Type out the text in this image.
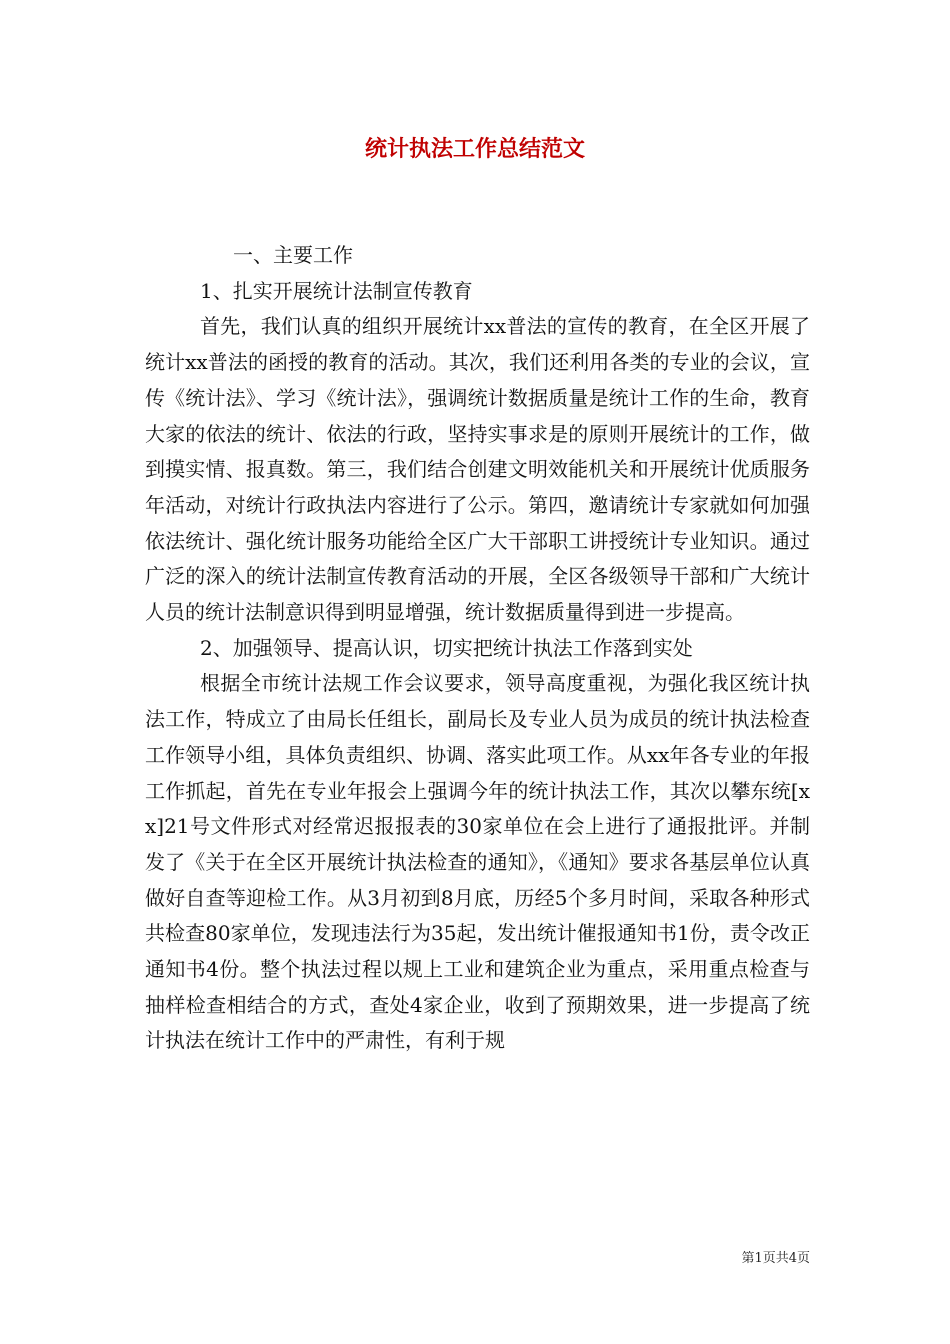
统计执法工作总结范文

一、主要工作

1、扎实开展统计法制宣传教育

首先，我们认真的组织开展统计xx普法的宣传的教育，在全区开展了统计xx普法的函授的教育的活动。其次，我们还利用各类的专业的会议，宣传《统计法》、学习《统计法》，强调统计数据质量是统计工作的生命，教育大家的依法的统计、依法的行政，坚持实事求是的原则开展统计的工作，做到摸实情、报真数。第三，我们结合创建文明效能机关和开展统计优质服务年活动，对统计行政执法内容进行了公示。第四，邀请统计专家就如何加强依法统计、强化统计服务功能给全区广大干部职工讲授统计专业知识。通过广泛的深入的统计法制宣传教育活动的开展，全区各级领导干部和广大统计人员的统计法制意识得到明显增强，统计数据质量得到进一步提高。

2、加强领导、提高认识，切实把统计执法工作落到实处

根据全市统计法规工作会议要求，领导高度重视，为强化我区统计执法工作，特成立了由局长任组长，副局长及专业人员为成员的统计执法检查工作领导小组，具体负责组织、协调、落实此项工作。从xx年各专业的年报工作抓起，首先在专业年报会上强调今年的统计执法工作，其次以攀东统[xx]21号文件形式对经常迟报报表的30家单位在会上进行了通报批评。并制发了《关于在全区开展统计执法检查的通知》，《通知》要求各基层单位认真做好自查等迎检工作。从3月初到8月底，历经5个多月时间，采取各种形式共检查80家单位，发现违法行为35起，发出统计催报通知书1份，责令改正通知书4份。整个执法过程以规上工业和建筑企业为重点，采用重点检查与抽样检查相结合的方式，查处4家企业，收到了预期效果，进一步提高了统计执法在统计工作中的严肃性，有利于规

第1页共4页
